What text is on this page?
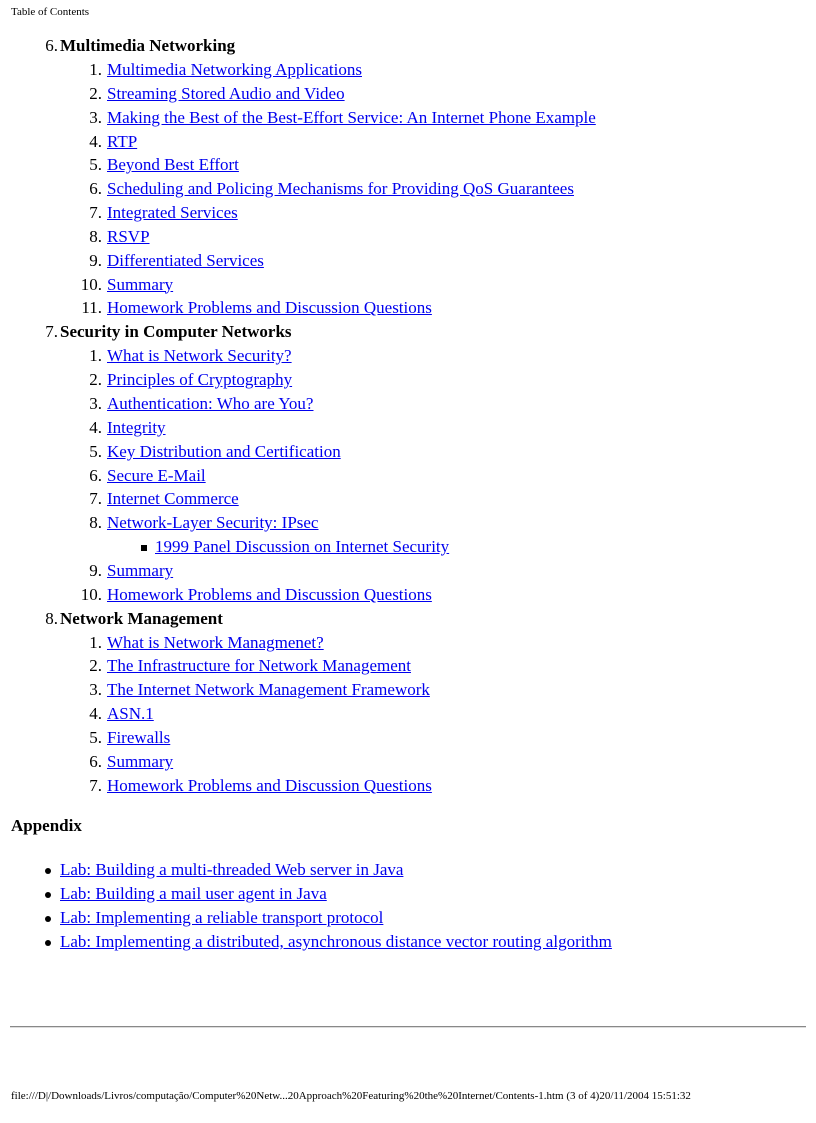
Table of Contents
6. Multimedia Networking
1. Multimedia Networking Applications
2. Streaming Stored Audio and Video
3. Making the Best of the Best-Effort Service: An Internet Phone Example
4. RTP
5. Beyond Best Effort
6. Scheduling and Policing Mechanisms for Providing QoS Guarantees
7. Integrated Services
8. RSVP
9. Differentiated Services
10. Summary
11. Homework Problems and Discussion Questions
7. Security in Computer Networks
1. What is Network Security?
2. Principles of Cryptography
3. Authentication: Who are You?
4. Integrity
5. Key Distribution and Certification
6. Secure E-Mail
7. Internet Commerce
8. Network-Layer Security: IPsec
1999 Panel Discussion on Internet Security
9. Summary
10. Homework Problems and Discussion Questions
8. Network Management
1. What is Network Managmenet?
2. The Infrastructure for Network Management
3. The Internet Network Management Framework
4. ASN.1
5. Firewalls
6. Summary
7. Homework Problems and Discussion Questions
Appendix
Lab: Building a multi-threaded Web server in Java
Lab: Building a mail user agent in Java
Lab: Implementing a reliable transport protocol
Lab: Implementing a distributed, asynchronous distance vector routing algorithm
file:///D|/Downloads/Livros/computação/Computer%20Netw...20Approach%20Featuring%20the%20Internet/Contents-1.htm (3 of 4)20/11/2004 15:51:32
